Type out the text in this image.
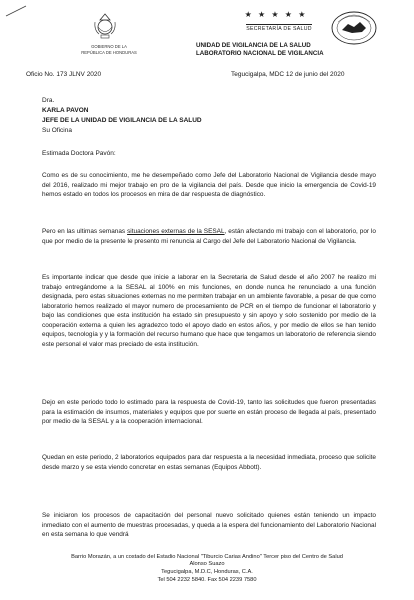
GOBIERNO DE LA
REPÚBLICA DE HONDURAS
★ ★ ★ ★ ★
SECRETARÍA DE SALUD
UNIDAD DE VIGILANCIA DE LA SALUD
LABORATORIO NACIONAL DE VIGILANCIA
Oficio No. 173 JLNV 2020	Tegucigalpa, MDC 12 de junio del 2020
Dra.
KARLA PAVON
JEFE DE LA UNIDAD DE VIGILANCIA DE LA SALUD
Su Oficina
Estimada Doctora Pavón:
Como es de su conocimiento, me he desempeñado como Jefe del Laboratorio Nacional de Vigilancia desde mayo del 2016, realizado mi mejor trabajo en pro de la vigilancia del país. Desde que inicio la emergencia de Covid-19 hemos estado en todos los procesos en mira de dar respuesta de diagnóstico.
Pero en las ultimas semanas situaciones externas de la SESAL, están afectando mi trabajo con el laboratorio, por lo que por medio de la presente le presento mi renuncia al Cargo del Jefe del Laboratorio Nacional de Vigilancia.
Es importante indicar que desde que inicie a laborar en la Secretaria de Salud desde el año 2007 he realizo mi trabajo entregándome a la SESAL al 100% en mis funciones, en donde nunca he renunciado a una función designada, pero estas situaciones externas no me permiten trabajar en un ambiente favorable, a pesar de que como laboratorio hemos realizado el mayor numero de procesamiento de PCR en el tiempo de funcionar el laboratorio y bajo las condiciones que esta institución ha estado sin presupuesto y sin apoyo y solo sostenido por medio de la cooperación externa a quien les agradezco todo el apoyo dado en estos años, y por medio de ellos se han tenido equipos, tecnología y y la formación del recurso humano que hace que tengamos un laboratorio de referencia siendo este personal el valor mas preciado de esta institución.
Dejo en este periodo todo lo estimado para la respuesta de Covid-19, tanto las solicitudes que fueron presentadas para la estimación de insumos, materiales y equipos que por suerte en están proceso de llegada al país, presentado por medio de la SESAL y a la cooperación internacional.
Quedan en este periodo, 2 laboratorios equipados para dar respuesta a la necesidad inmediata, proceso que solicite desde marzo y se esta viendo concretar en estas semanas (Equipos Abbott).
Se iniciaron los procesos de capacitación del personal nuevo solicitado quienes están teniendo un impacto inmediato con el aumento de muestras procesadas, y queda a la espera del funcionamiento del Laboratorio Nacional en esta semana lo que vendrá
Barrio Morazán, a un costado del Estadio Nacional "Tiburcio Carias Andino" Tercer piso del Centro de Salud
Alonso Suazo
Tegucigalpa, M.D.C, Honduras, C.A.
Tel 504 2232 5840. Fax 504 2239 7580
